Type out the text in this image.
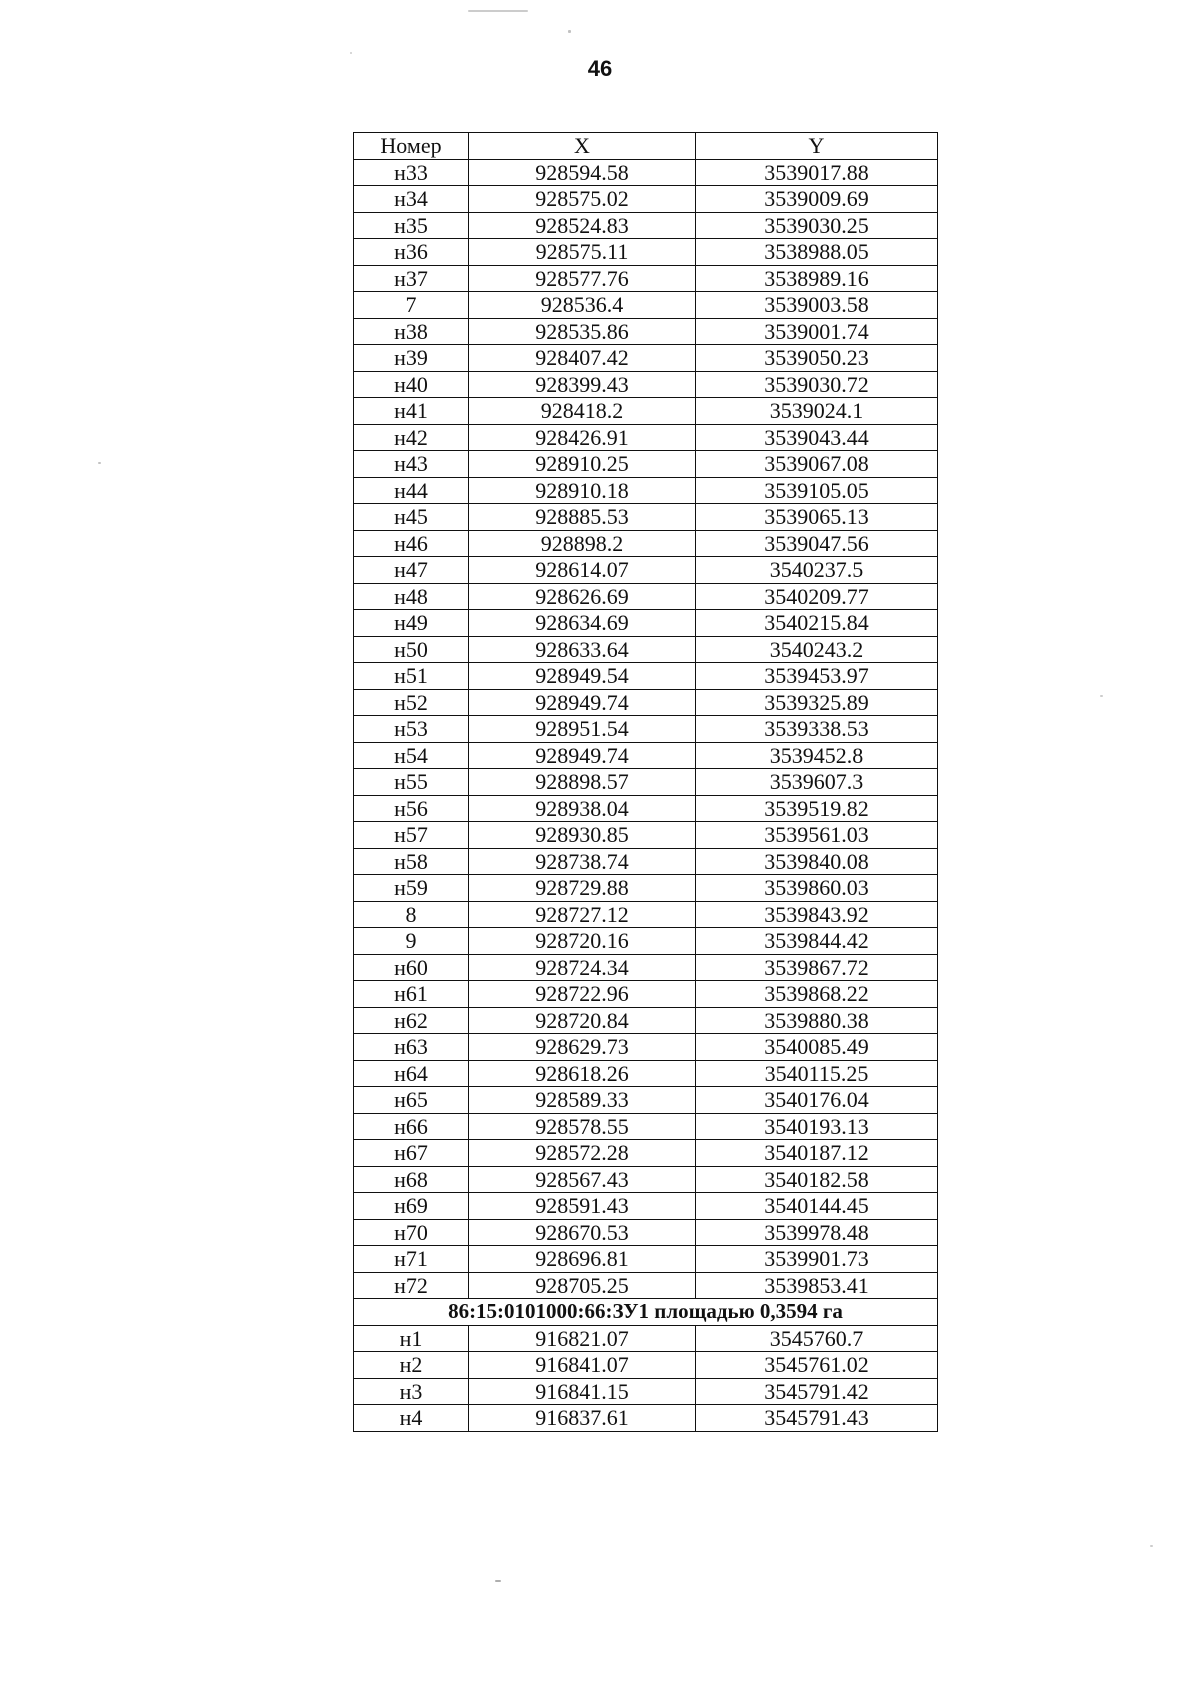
46
Номер	X	Y
н33	928594.58	3539017.88
н34	928575.02	3539009.69
н35	928524.83	3539030.25
н36	928575.11	3538988.05
н37	928577.76	3538989.16
7	928536.4	3539003.58
н38	928535.86	3539001.74
н39	928407.42	3539050.23
н40	928399.43	3539030.72
н41	928418.2	3539024.1
н42	928426.91	3539043.44
н43	928910.25	3539067.08
н44	928910.18	3539105.05
н45	928885.53	3539065.13
н46	928898.2	3539047.56
н47	928614.07	3540237.5
н48	928626.69	3540209.77
н49	928634.69	3540215.84
н50	928633.64	3540243.2
н51	928949.54	3539453.97
н52	928949.74	3539325.89
н53	928951.54	3539338.53
н54	928949.74	3539452.8
н55	928898.57	3539607.3
н56	928938.04	3539519.82
н57	928930.85	3539561.03
н58	928738.74	3539840.08
н59	928729.88	3539860.03
8	928727.12	3539843.92
9	928720.16	3539844.42
н60	928724.34	3539867.72
н61	928722.96	3539868.22
н62	928720.84	3539880.38
н63	928629.73	3540085.49
н64	928618.26	3540115.25
н65	928589.33	3540176.04
н66	928578.55	3540193.13
н67	928572.28	3540187.12
н68	928567.43	3540182.58
н69	928591.43	3540144.45
н70	928670.53	3539978.48
н71	928696.81	3539901.73
н72	928705.25	3539853.41
86:15:0101000:66:ЗУ1 площадью 0,3594 га		
н1	916821.07	3545760.7
н2	916841.07	3545761.02
н3	916841.15	3545791.42
н4	916837.61	3545791.43
